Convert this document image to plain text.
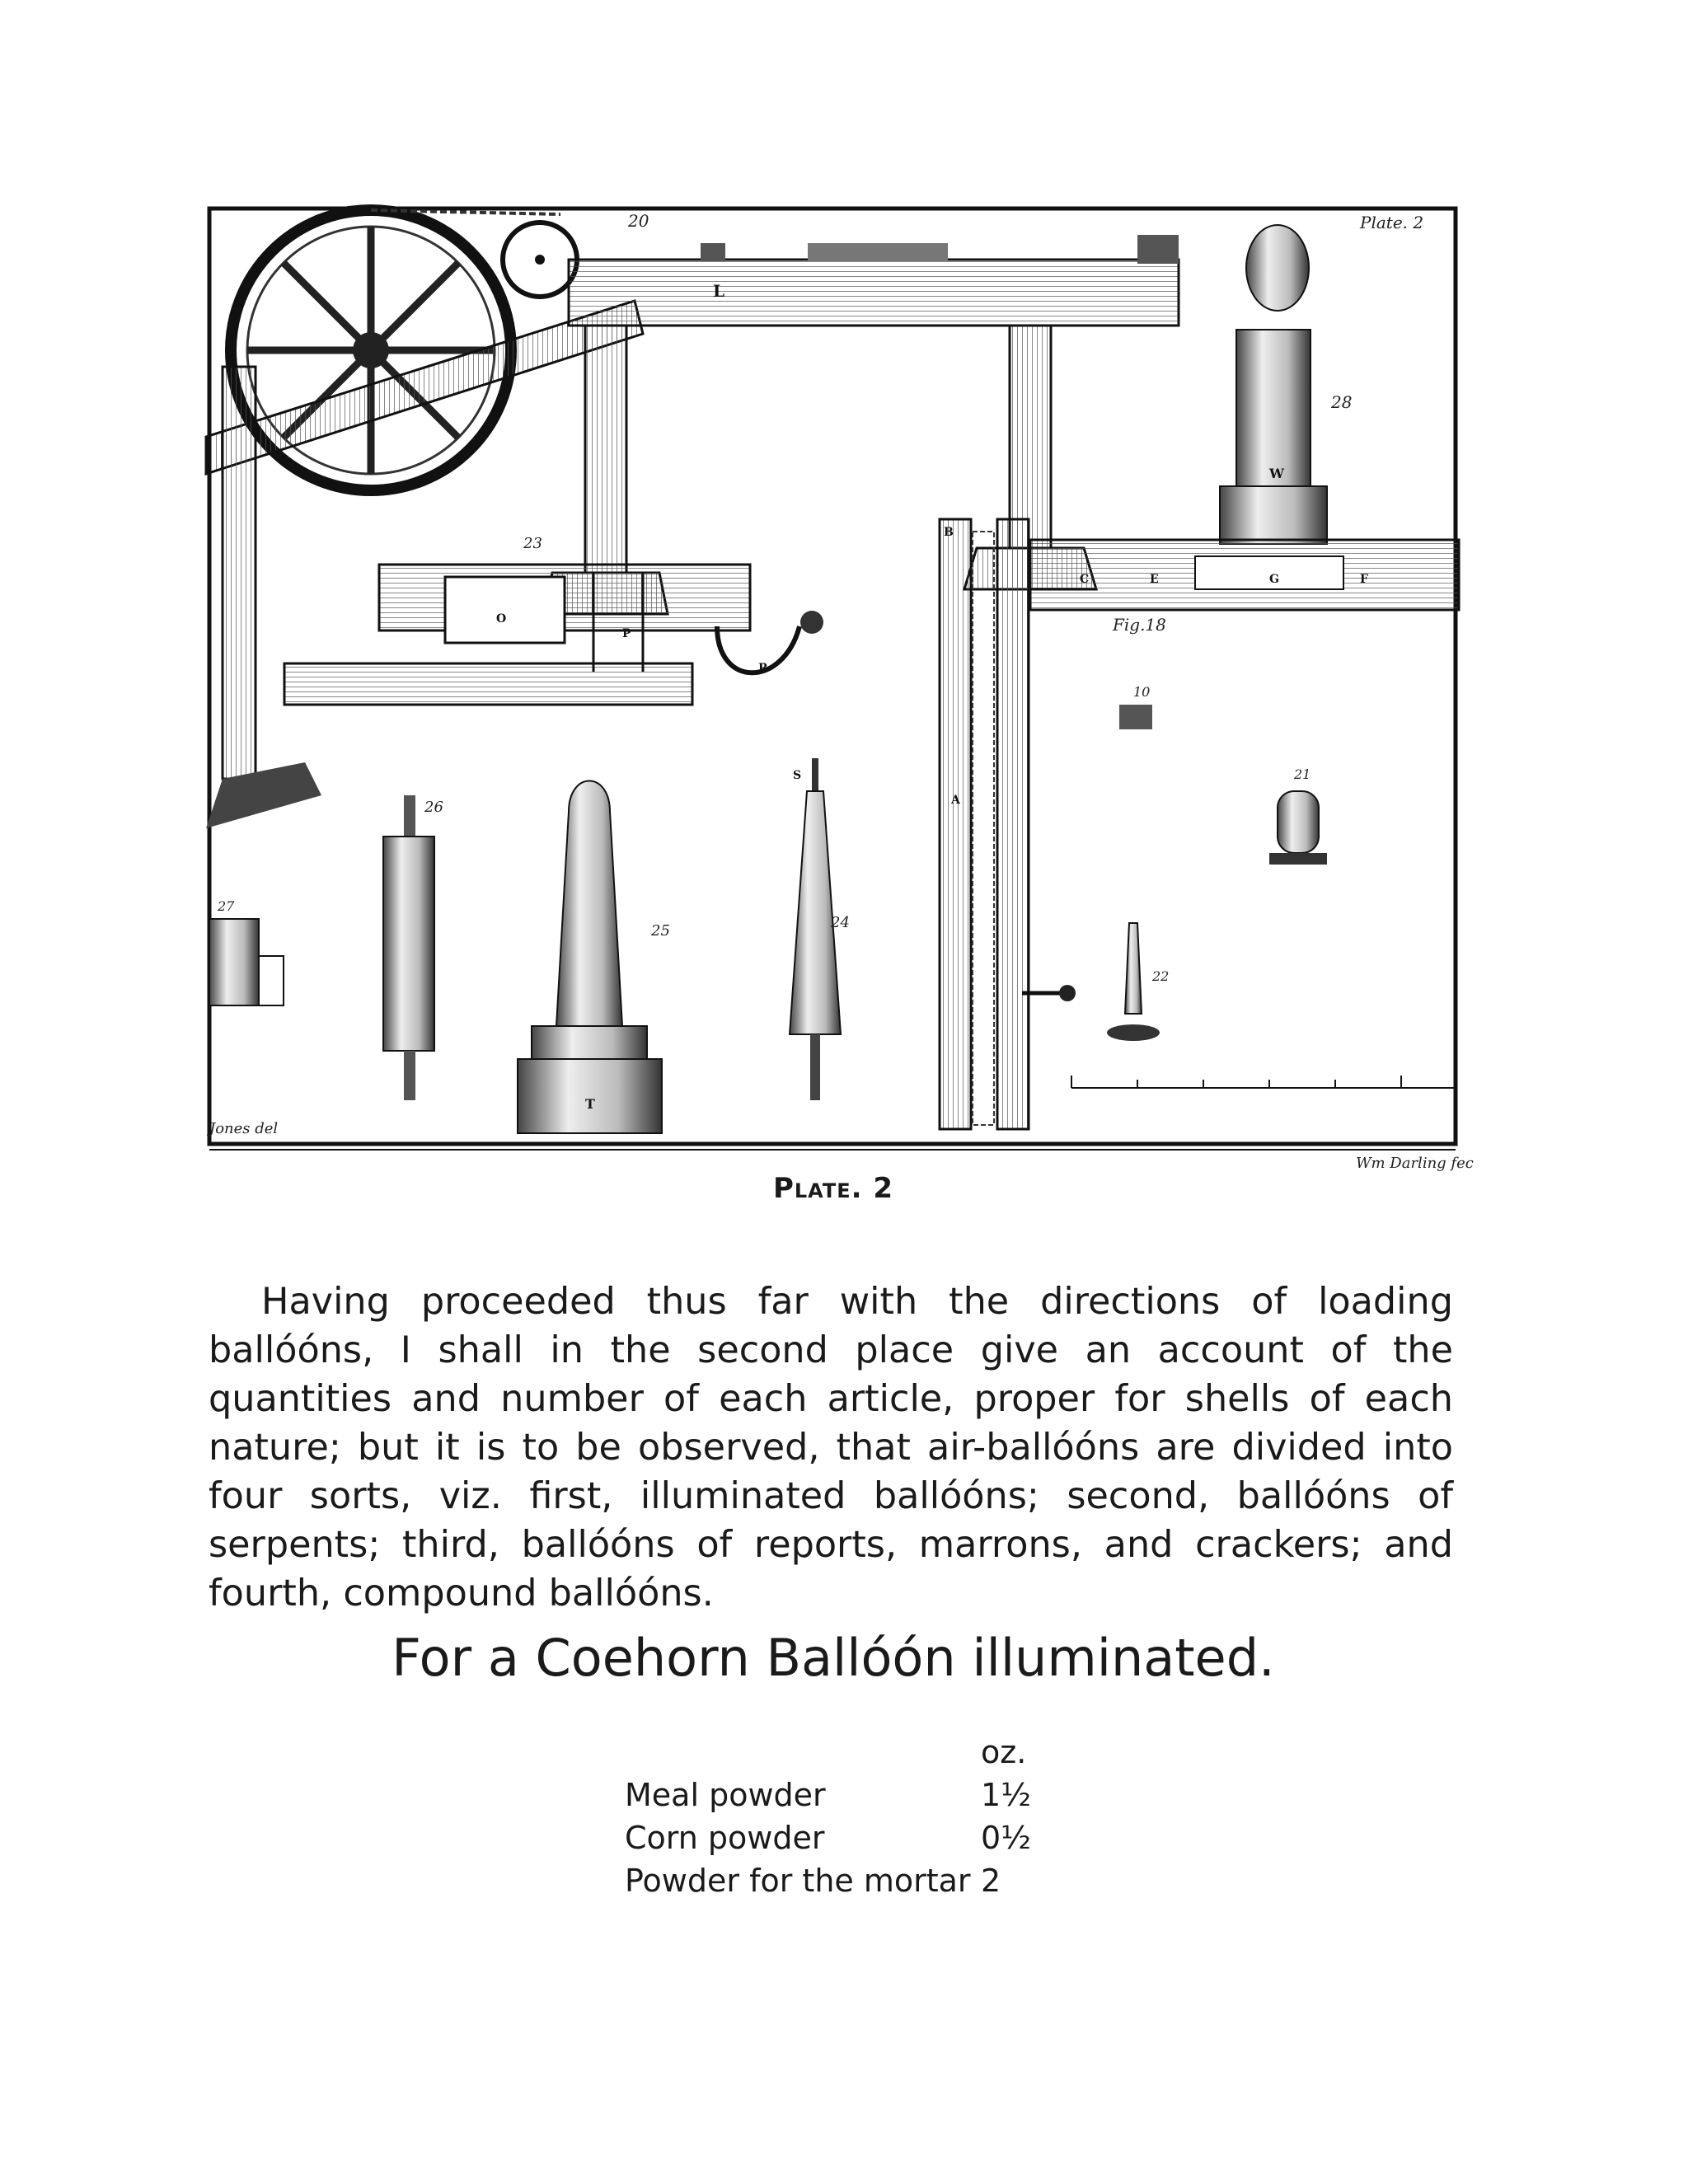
L
20
W
28
O
P
R
23
B
C	E	G	F
A
Fig.18
10
21
26
T
25
S
24
22
27
Plate. 2
Jones del
Wm Darling fec
Plate. 2

Having proceeded thus far with the directions of loading ballóóns, I shall in the second place give an account of the quantities and number of each article, proper for shells of each nature; but it is to be observed, that air-ballóóns are divided into four sorts, viz. first, illuminated ballóóns; second, ballóóns of serpents; third, ballóóns of reports, marrons, and crackers; and fourth, compound ballóóns.

For a Coehorn Ballóón illuminated.
	oz.
Meal powder	1½
Corn powder	0½
Powder for the mortar	2
